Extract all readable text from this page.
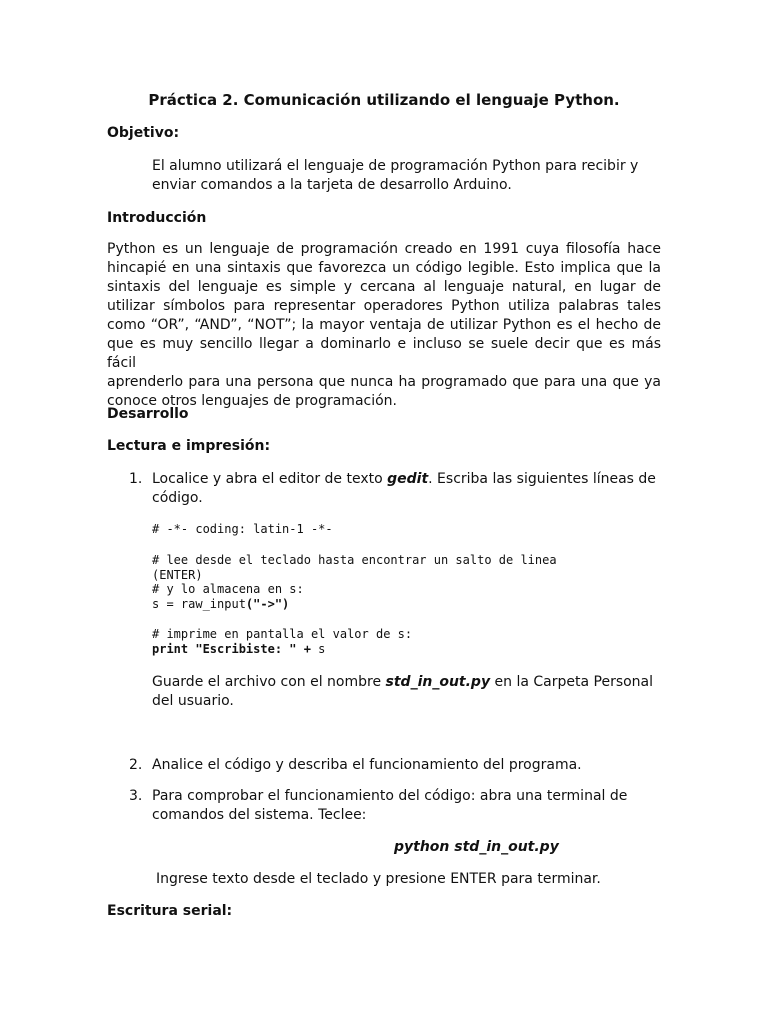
Práctica 2. Comunicación utilizando el lenguaje Python.
Objetivo:
El alumno utilizará el lenguaje de programación Python para recibir y
enviar comandos a la tarjeta de desarrollo Arduino.
Introducción
Python es un lenguaje de programación creado en 1991 cuya filosofía hace
hincapié en una sintaxis que favorezca un código legible. Esto implica que la
sintaxis del lenguaje es simple y cercana al lenguaje natural, en lugar de
utilizar símbolos para representar operadores Python utiliza palabras tales
como “OR”, “AND”, “NOT”; la mayor ventaja de utilizar Python es el hecho de
que es muy sencillo llegar a dominarlo e incluso se suele decir que es más fácil
aprenderlo para una persona que nunca ha programado que para una que ya
conoce otros lenguajes de programación.
Desarrollo
Lectura e impresión:
1. Localice y abra el editor de texto gedit. Escriba las siguientes líneas de
código.
# -*- coding: latin-1 -*-
# lee desde el teclado hasta encontrar un salto de linea
(ENTER)
# y lo almacena en s:
s = raw_input("->")
# imprime en pantalla el valor de s:
print "Escribiste: " + s
Guarde el archivo con el nombre std_in_out.py en la Carpeta Personal
del usuario.
2. Analice el código y describa el funcionamiento del programa.
3. Para comprobar el funcionamiento del código: abra una terminal de
comandos del sistema. Teclee:
python std_in_out.py
Ingrese texto desde el teclado y presione ENTER para terminar.
Escritura serial:
